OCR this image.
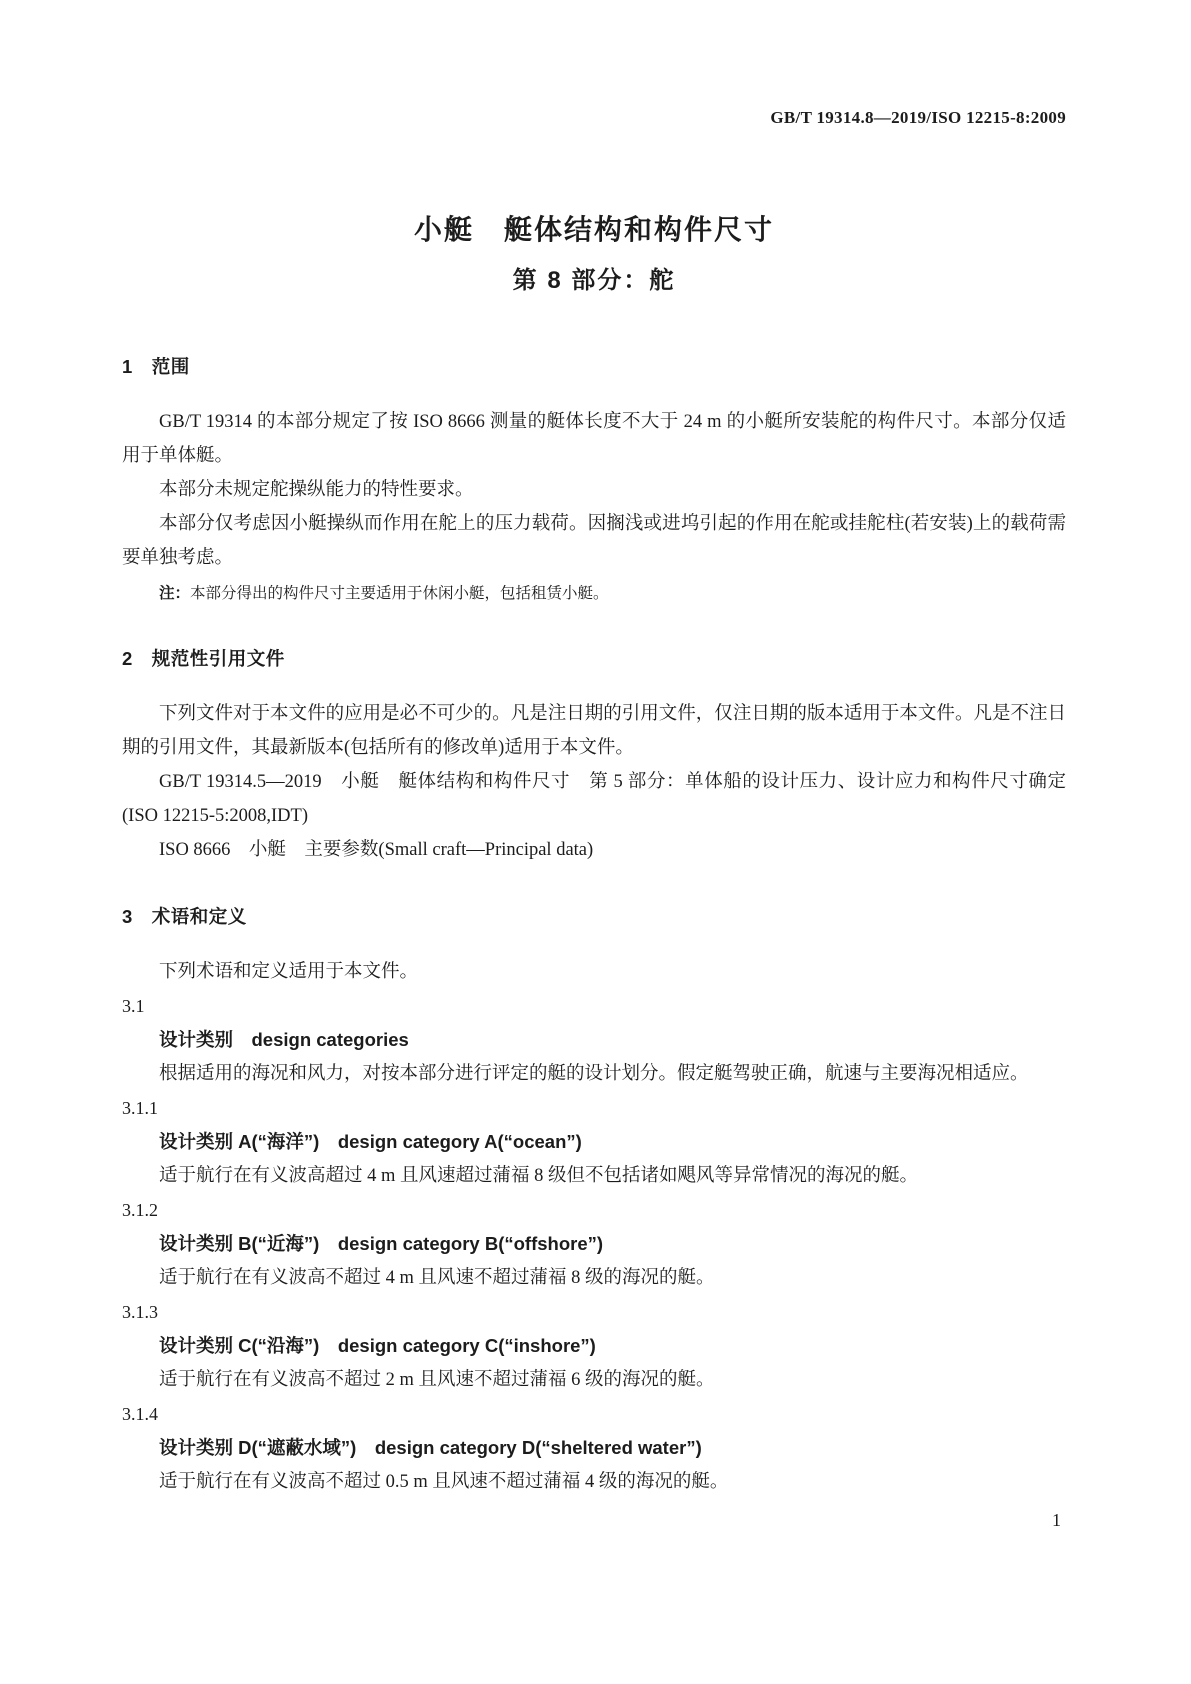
GB/T 19314.8—2019/ISO 12215-8:2009
小艇　艇体结构和构件尺寸
第 8 部分：舵
1　范围

GB/T 19314 的本部分规定了按 ISO 8666 测量的艇体长度不大于 24 m 的小艇所安装舵的构件尺寸。本部分仅适用于单体艇。

本部分未规定舵操纵能力的特性要求。

本部分仅考虑因小艇操纵而作用在舵上的压力载荷。因搁浅或进坞引起的作用在舵或挂舵柱(若安装)上的载荷需要单独考虑。

注：本部分得出的构件尺寸主要适用于休闲小艇，包括租赁小艇。

2　规范性引用文件

下列文件对于本文件的应用是必不可少的。凡是注日期的引用文件，仅注日期的版本适用于本文件。凡是不注日期的引用文件，其最新版本(包括所有的修改单)适用于本文件。

GB/T 19314.5—2019　小艇　艇体结构和构件尺寸　第 5 部分：单体船的设计压力、设计应力和构件尺寸确定(ISO 12215-5:2008,IDT)

ISO 8666　小艇　主要参数(Small craft—Principal data)

3　术语和定义

下列术语和定义适用于本文件。

3.1

设计类别　design categories

根据适用的海况和风力，对按本部分进行评定的艇的设计划分。假定艇驾驶正确，航速与主要海况相适应。

3.1.1

设计类别 A(“海洋”)　design category A(“ocean”)

适于航行在有义波高超过 4 m 且风速超过蒲福 8 级但不包括诸如飓风等异常情况的海况的艇。

3.1.2

设计类别 B(“近海”)　design category B(“offshore”)

适于航行在有义波高不超过 4 m 且风速不超过蒲福 8 级的海况的艇。

3.1.3

设计类别 C(“沿海”)　design category C(“inshore”)

适于航行在有义波高不超过 2 m 且风速不超过蒲福 6 级的海况的艇。

3.1.4

设计类别 D(“遮蔽水域”)　design category D(“sheltered water”)

适于航行在有义波高不超过 0.5 m 且风速不超过蒲福 4 级的海况的艇。

1
